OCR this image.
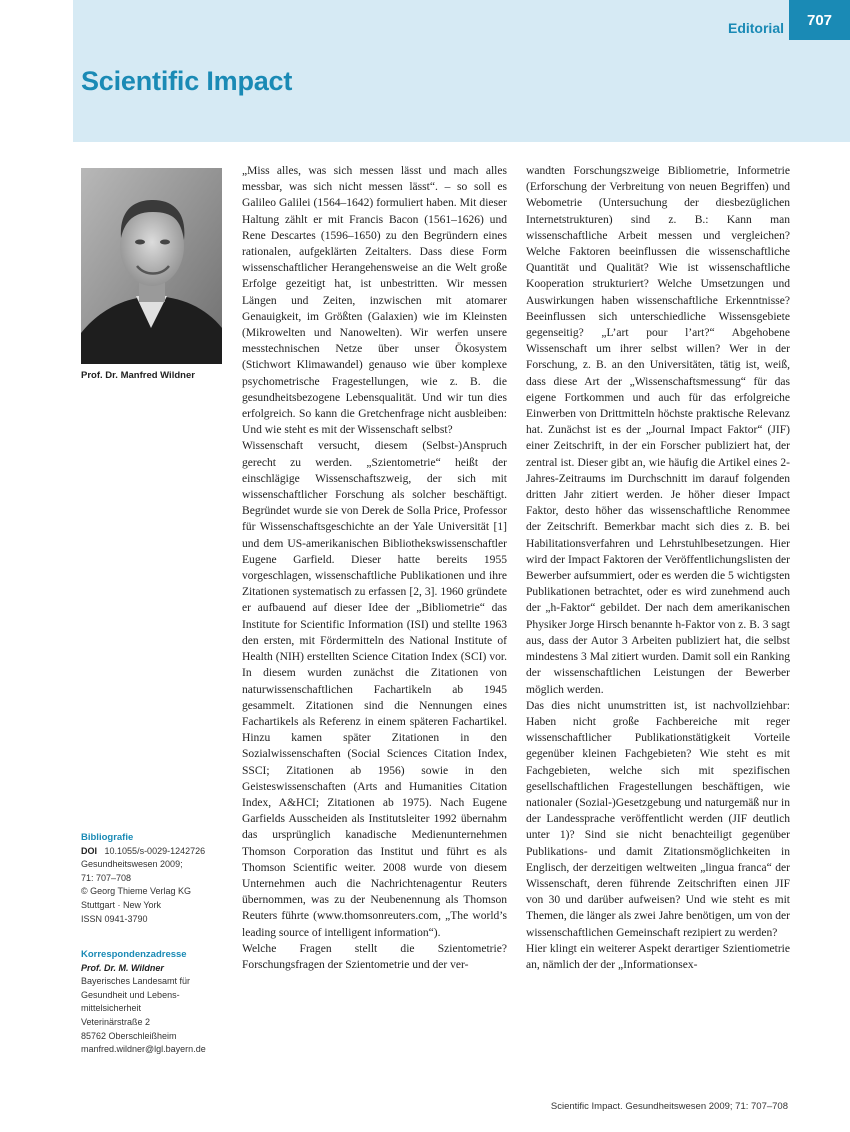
Editorial	707
Scientific Impact
Prof. Dr. Manfred Wildner
Bibliografie
DOI 10.1055/s-0029-1242726
Gesundheitswesen 2009;
71: 707–708
© Georg Thieme Verlag KG
Stuttgart · New York
ISSN 0941-3790
Korrespondenzadresse
Prof. Dr. M. Wildner
Bayerisches Landesamt für
Gesundheit und Lebens-
mittelsicherheit
Veterinärstraße 2
85762 Oberschleißheim
manfred.wildner@lgl.bayern.de

„Miss alles, was sich messen lässt und mach alles messbar, was sich nicht messen lässt“. – so soll es Galileo Galilei (1564–1642) formuliert haben. Mit dieser Haltung zählt er mit Francis Bacon (1561–1626) und Rene Descartes (1596–1650) zu den Begründern eines rationalen, aufgeklärten Zeitalters. Dass diese Form wissenschaftlicher Herangehensweise an die Welt große Erfolge gezeitigt hat, ist unbestritten. Wir messen Längen und Zeiten, inzwischen mit atomarer Genauigkeit, im Größten (Galaxien) wie im Kleinsten (Mikrowelten und Nanowelten). Wir werfen unsere messtechnischen Netze über unser Ökosystem (Stichwort Klimawandel) genauso wie über komplexe psychometrische Fragestellungen, wie z. B. die gesundheitsbezogene Lebensqualität. Und wir tun dies erfolgreich. So kann die Gretchenfrage nicht ausbleiben: Und wie steht es mit der Wissenschaft selbst?

Wissenschaft versucht, diesem (Selbst-)Anspruch gerecht zu werden. „Szientometrie“ heißt der einschlägige Wissenschaftszweig, der sich mit wissenschaftlicher Forschung als solcher beschäftigt. Begründet wurde sie von Derek de Solla Price, Professor für Wissenschaftsgeschichte an der Yale Universität [1] und dem US-amerikanischen Bibliothekswissenschaftler Eugene Garfield. Dieser hatte bereits 1955 vorgeschlagen, wissenschaftliche Publikationen und ihre Zitationen systematisch zu erfassen [2, 3]. 1960 gründete er aufbauend auf dieser Idee der „Bibliometrie“ das Institute for Scientific Information (ISI) und stellte 1963 den ersten, mit Fördermitteln des National Institute of Health (NIH) erstellten Science Citation Index (SCI) vor. In diesem wurden zunächst die Zitationen von naturwissenschaftlichen Fachartikeln ab 1945 gesammelt. Zitationen sind die Nennungen eines Fachartikels als Referenz in einem späteren Fachartikel. Hinzu kamen später Zitationen in den Sozialwissenschaften (Social Sciences Citation Index, SSCI; Zitationen ab 1956) sowie in den Geisteswissenschaften (Arts and Humanities Citation Index, A&HCI; Zitationen ab 1975). Nach Eugene Garfields Ausscheiden als Institutsleiter 1992 übernahm das ursprünglich kanadische Medienunternehmen Thomson Corporation das Institut und führt es als Thomson Scientific weiter. 2008 wurde von diesem Unternehmen auch die Nachrichtenagentur Reuters übernommen, was zu der Neubenennung als Thomson Reuters führte (www.thomsonreuters.com, „The world’s leading source of intelligent information“).

Welche Fragen stellt die Szientometrie? Forschungsfragen der Szientometrie und der ver-

wandten Forschungszweige Bibliometrie, Informetrie (Erforschung der Verbreitung von neuen Begriffen) und Webometrie (Untersuchung der diesbezüglichen Internetstrukturen) sind z. B.: Kann man wissenschaftliche Arbeit messen und vergleichen? Welche Faktoren beeinflussen die wissenschaftliche Quantität und Qualität? Wie ist wissenschaftliche Kooperation strukturiert? Welche Umsetzungen und Auswirkungen haben wissenschaftliche Erkenntnisse? Beeinflussen sich unterschiedliche Wissensgebiete gegenseitig? „L’art pour l’art?“ Abgehobene Wissenschaft um ihrer selbst willen? Wer in der Forschung, z. B. an den Universitäten, tätig ist, weiß, dass diese Art der „Wissenschaftsmessung“ für das eigene Fortkommen und auch für das erfolgreiche Einwerben von Drittmitteln höchste praktische Relevanz hat. Zunächst ist es der „Journal Impact Faktor“ (JIF) einer Zeitschrift, in der ein Forscher publiziert hat, der zentral ist. Dieser gibt an, wie häufig die Artikel eines 2-Jahres-Zeitraums im Durchschnitt im darauf folgenden dritten Jahr zitiert werden. Je höher dieser Impact Faktor, desto höher das wissenschaftliche Renommee der Zeitschrift. Bemerkbar macht sich dies z. B. bei Habilitationsverfahren und Lehrstuhlbesetzungen. Hier wird der Impact Faktoren der Veröffentlichungslisten der Bewerber aufsummiert, oder es werden die 5 wichtigsten Publikationen betrachtet, oder es wird zunehmend auch der „h-Faktor“ gebildet. Der nach dem amerikanischen Physiker Jorge Hirsch benannte h-Faktor von z. B. 3 sagt aus, dass der Autor 3 Arbeiten publiziert hat, die selbst mindestens 3 Mal zitiert wurden. Damit soll ein Ranking der wissenschaftlichen Leistungen der Bewerber möglich werden.

Das dies nicht unumstritten ist, ist nachvollziehbar: Haben nicht große Fachbereiche mit reger wissenschaftlicher Publikationstätigkeit Vorteile gegenüber kleinen Fachgebieten? Wie steht es mit Fachgebieten, welche sich mit spezifischen gesellschaftlichen Fragestellungen beschäftigen, wie nationaler (Sozial-)Gesetzgebung und naturgemäß nur in der Landessprache veröffentlicht werden (JIF deutlich unter 1)? Sind sie nicht benachteiligt gegenüber Publikations- und damit Zitationsmöglichkeiten in Englisch, der derzeitigen weltweiten „lingua franca“ der Wissenschaft, deren führende Zeitschriften einen JIF von 30 und darüber aufweisen? Und wie steht es mit Themen, die länger als zwei Jahre benötigen, um von der wissenschaftlichen Gemeinschaft rezipiert zu werden?

Hier klingt ein weiterer Aspekt derartiger Szientiometrie an, nämlich der der „Informationsex-

Scientific Impact. Gesundheitswesen 2009; 71: 707–708
